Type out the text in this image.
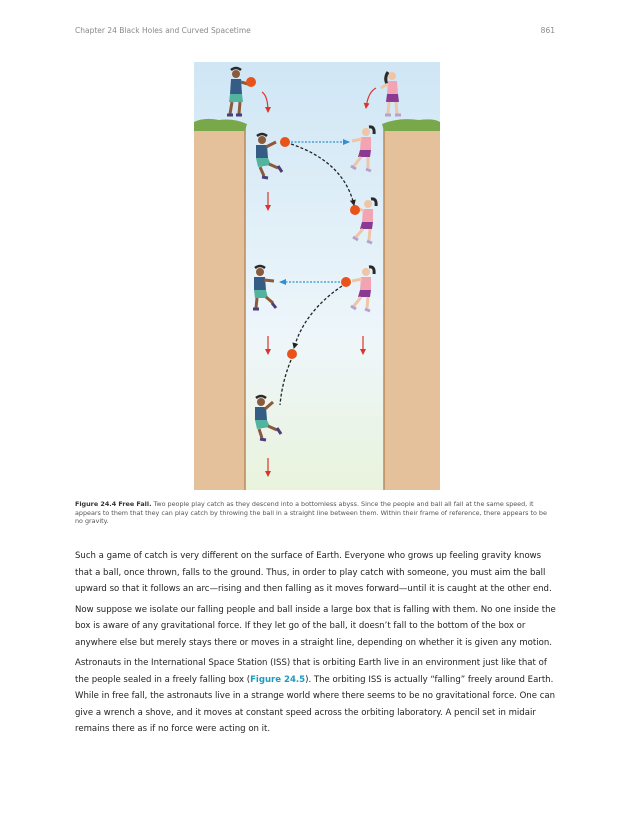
Chapter 24 Black Holes and Curved Spacetime	861
Figure 24.4 Free Fall. Two people play catch as they descend into a bottomless abyss. Since the people and ball all fall at the same speed, it appears to them that they can play catch by throwing the ball in a straight line between them. Within their frame of reference, there appears to be no gravity.

Such a game of catch is very different on the surface of Earth. Everyone who grows up feeling gravity knows that a ball, once thrown, falls to the ground. Thus, in order to play catch with someone, you must aim the ball upward so that it follows an arc—rising and then falling as it moves forward—until it is caught at the other end.

Now suppose we isolate our falling people and ball inside a large box that is falling with them. No one inside the box is aware of any gravitational force. If they let go of the ball, it doesn’t fall to the bottom of the box or anywhere else but merely stays there or moves in a straight line, depending on whether it is given any motion.

Astronauts in the International Space Station (ISS) that is orbiting Earth live in an environment just like that of the people sealed in a freely falling box (Figure 24.5). The orbiting ISS is actually “falling” freely around Earth. While in free fall, the astronauts live in a strange world where there seems to be no gravitational force. One can give a wrench a shove, and it moves at constant speed across the orbiting laboratory. A pencil set in midair remains there as if no force were acting on it.
